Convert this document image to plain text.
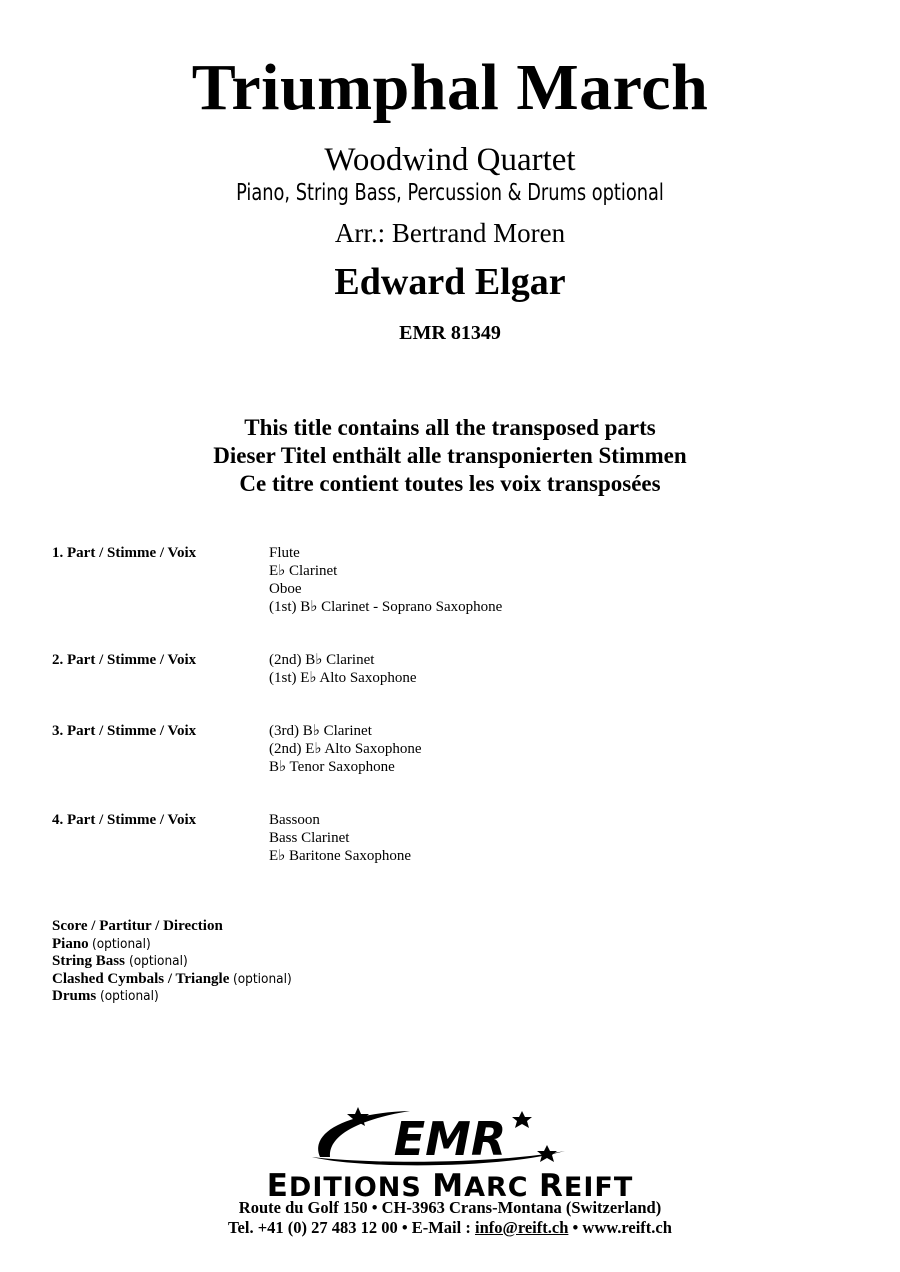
Triumphal March
Woodwind Quartet
Piano, String Bass, Percussion & Drums optional
Arr.: Bertrand Moren
Edward Elgar
EMR 81349
This title contains all the transposed parts
Dieser Titel enthält alle transponierten Stimmen
Ce titre contient toutes les voix transposées
1. Part / Stimme / Voix	Flute
E♭ Clarinet
Oboe
(1st) B♭ Clarinet - Soprano Saxophone
2. Part / Stimme / Voix	(2nd) B♭ Clarinet
(1st) E♭ Alto Saxophone
3. Part / Stimme / Voix	(3rd) B♭ Clarinet
(2nd) E♭ Alto Saxophone
B♭ Tenor Saxophone
4. Part / Stimme / Voix	Bassoon
Bass Clarinet
E♭ Baritone Saxophone
Score / Partitur / Direction
Piano (optional)
String Bass (optional)
Clashed Cymbals / Triangle (optional)
Drums (optional)
EMR
EDITIONS MARC REIFT
Route du Golf 150 • CH-3963 Crans-Montana (Switzerland)
Tel. +41 (0) 27 483 12 00 • E-Mail : info@reift.ch • www.reift.ch
